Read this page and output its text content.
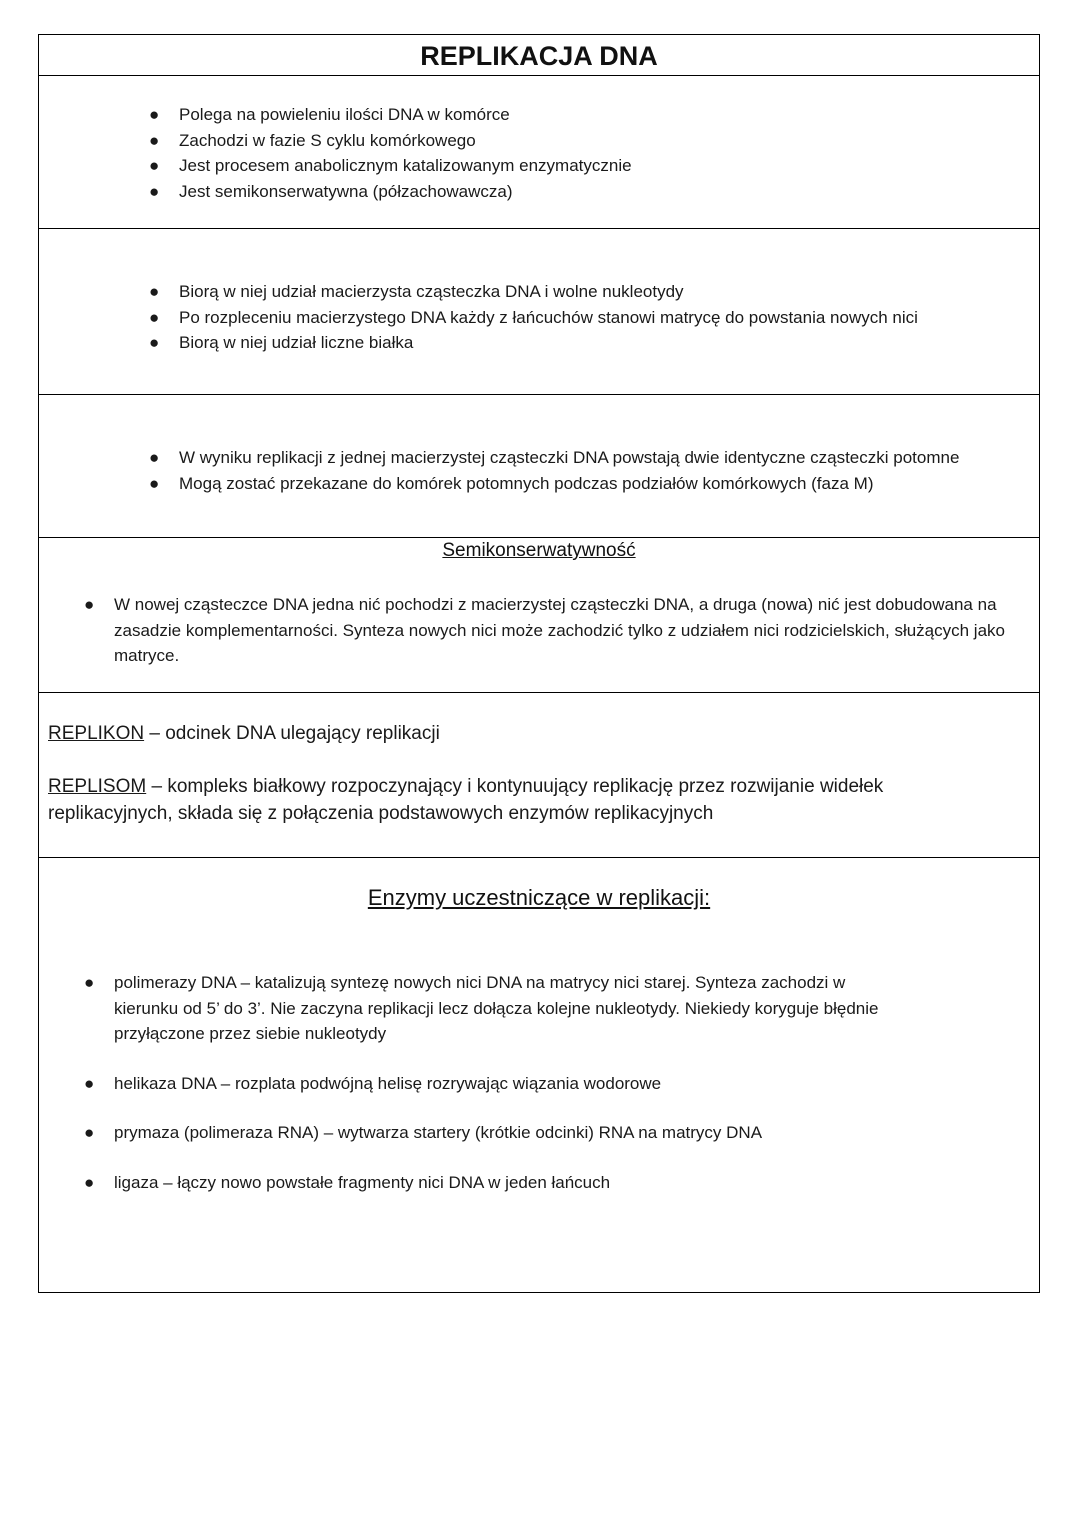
REPLIKACJA DNA
● Polega na powieleniu ilości DNA w komórce
● Zachodzi w fazie S cyklu komórkowego
● Jest procesem anabolicznym katalizowanym enzymatycznie
● Jest semikonserwatywna (półzachowawcza)
● Biorą w niej udział macierzysta cząsteczka DNA i wolne nukleotydy
● Po rozpleceniu macierzystego DNA każdy z łańcuchów stanowi matrycę do powstania nowych nici
● Biorą w niej udział liczne białka
● W wyniku replikacji z jednej macierzystej cząsteczki DNA powstają dwie identyczne cząsteczki potomne
● Mogą zostać przekazane do komórek potomnych podczas podziałów komórkowych (faza M)
Semikonserwatywność
● W nowej cząsteczce DNA jedna nić pochodzi z macierzystej cząsteczki DNA, a druga (nowa) nić jest dobudowana na zasadzie komplementarności. Synteza nowych nici może zachodzić tylko z udziałem nici rodzicielskich, służących jako matryce.
REPLIKON – odcinek DNA ulegający replikacji
REPLISOM – kompleks białkowy rozpoczynający i kontynuujący replikację przez rozwijanie widełek replikacyjnych, składa się z połączenia podstawowych enzymów replikacyjnych
Enzymy uczestniczące w replikacji:
● polimerazy DNA – katalizują syntezę nowych nici DNA na matrycy nici starej. Synteza zachodzi w kierunku od 5’ do 3’. Nie zaczyna replikacji lecz dołącza kolejne nukleotydy. Niekiedy koryguje błędnie przyłączone przez siebie nukleotydy
● helikaza DNA – rozplata podwójną helisę rozrywając wiązania wodorowe
● prymaza (polimeraza RNA) – wytwarza startery (krótkie odcinki) RNA na matrycy DNA
● ligaza – łączy nowo powstałe fragmenty nici DNA w jeden łańcuch
